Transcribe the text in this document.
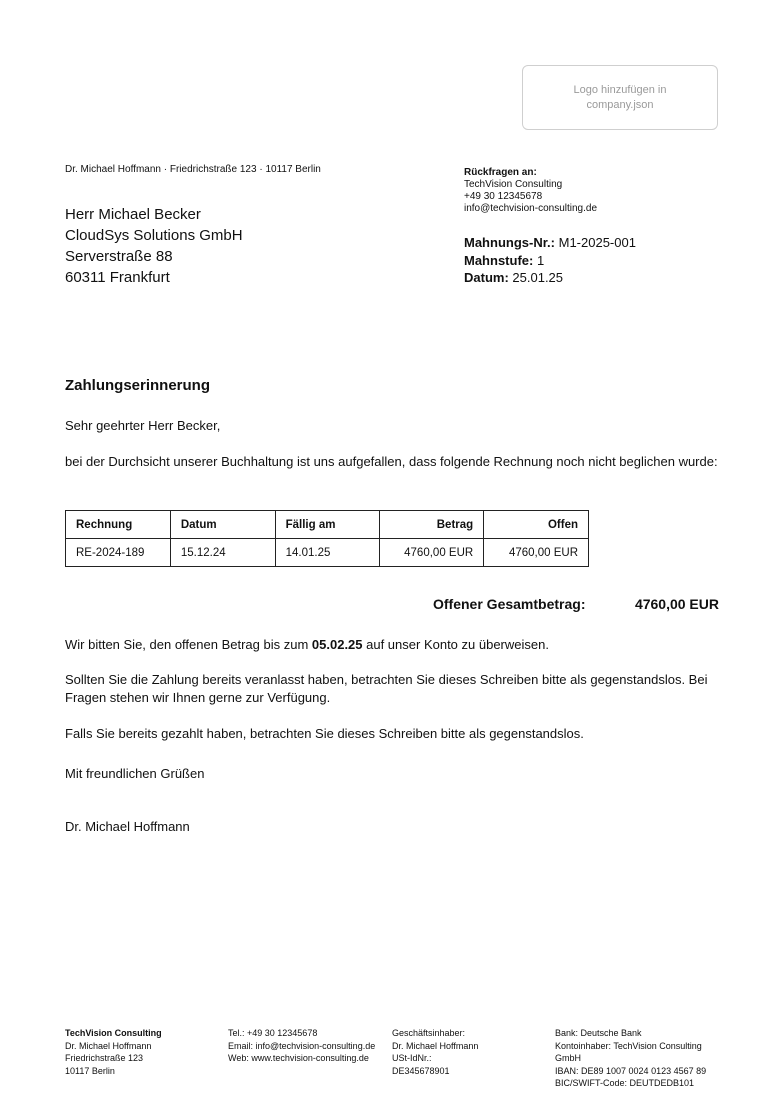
Logo hinzufügen in
company.json
Dr. Michael Hoffmann · Friedrichstraße 123 · 10117 Berlin
Herr Michael Becker
CloudSys Solutions GmbH
Serverstraße 88
60311 Frankfurt
Rückfragen an:
TechVision Consulting
+49 30 12345678
info@techvision-consulting.de
Mahnungs-Nr.: M1-2025-001
Mahnstufe: 1
Datum: 25.01.25
Zahlungserinnerung
Sehr geehrter Herr Becker,
bei der Durchsicht unserer Buchhaltung ist uns aufgefallen, dass folgende Rechnung noch nicht beglichen wurde:
Rechnung	Datum	Fällig am	Betrag	Offen
RE-2024-189	15.12.24	14.01.25	4760,00 EUR	4760,00 EUR
Offener Gesamtbetrag:	4760,00 EUR
Wir bitten Sie, den offenen Betrag bis zum 05.02.25 auf unser Konto zu überweisen.
Sollten Sie die Zahlung bereits veranlasst haben, betrachten Sie dieses Schreiben bitte als gegenstandslos. Bei Fragen stehen wir Ihnen gerne zur Verfügung.
Falls Sie bereits gezahlt haben, betrachten Sie dieses Schreiben bitte als gegenstandslos.
Mit freundlichen Grüßen
Dr. Michael Hoffmann
TechVision Consulting
Dr. Michael Hoffmann
Friedrichstraße 123
10117 Berlin
Tel.: +49 30 12345678
Email: info@techvision-consulting.de
Web: www.techvision-consulting.de
Geschäftsinhaber:
Dr. Michael Hoffmann
USt-IdNr.:
DE345678901
Bank: Deutsche Bank
Kontoinhaber: TechVision Consulting GmbH
IBAN: DE89 1007 0024 0123 4567 89
BIC/SWIFT-Code: DEUTDEDB101
